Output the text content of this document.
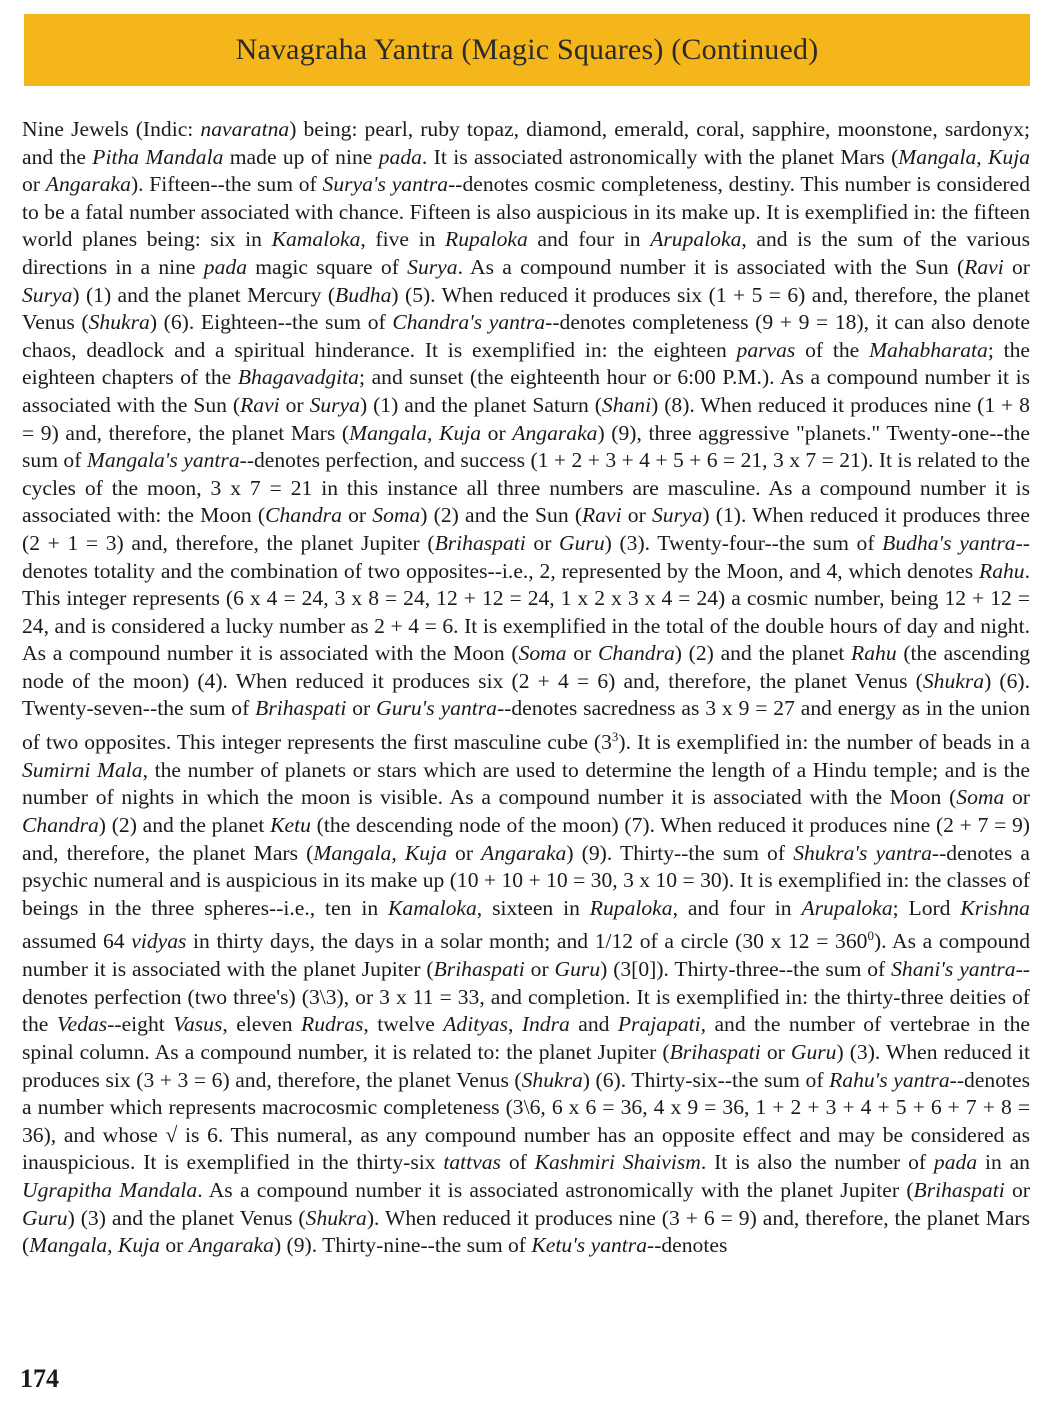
Navagraha Yantra (Magic Squares) (Continued)

Nine Jewels (Indic: navaratna) being: pearl, ruby topaz, diamond, emerald, coral, sapphire, moonstone, sardonyx; and the Pitha Mandala made up of nine pada. It is associated astronomically with the planet Mars (Mangala, Kuja or Angaraka). Fifteen--the sum of Surya's yantra--denotes cosmic completeness, destiny. This number is considered to be a fatal number associated with chance. Fifteen is also auspicious in its make up. It is exemplified in: the fifteen world planes being: six in Kamaloka, five in Rupaloka and four in Arupaloka, and is the sum of the various directions in a nine pada magic square of Surya. As a compound number it is associated with the Sun (Ravi or Surya) (1) and the planet Mercury (Budha) (5). When reduced it produces six (1 + 5 = 6) and, therefore, the planet Venus (Shukra) (6). Eighteen--the sum of Chandra's yantra--denotes completeness (9 + 9 = 18), it can also denote chaos, deadlock and a spiritual hinderance. It is exemplified in: the eighteen parvas of the Mahabharata; the eighteen chapters of the Bhagavadgita; and sunset (the eighteenth hour or 6:00 P.M.). As a compound number it is associated with the Sun (Ravi or Surya) (1) and the planet Saturn (Shani) (8). When reduced it produces nine (1 + 8 = 9) and, therefore, the planet Mars (Mangala, Kuja or Angaraka) (9), three aggressive "planets." Twenty-one--the sum of Mangala's yantra--denotes perfection, and success (1 + 2 + 3 + 4 + 5 + 6 = 21, 3 x 7 = 21). It is related to the cycles of the moon, 3 x 7 = 21 in this instance all three numbers are masculine. As a compound number it is associated with: the Moon (Chandra or Soma) (2) and the Sun (Ravi or Surya) (1). When reduced it produces three (2 + 1 = 3) and, therefore, the planet Jupiter (Brihaspati or Guru) (3). Twenty-four--the sum of Budha's yantra--denotes totality and the combination of two opposites--i.e., 2, represented by the Moon, and 4, which denotes Rahu. This integer represents (6 x 4 = 24, 3 x 8 = 24, 12 + 12 = 24, 1 x 2 x 3 x 4 = 24) a cosmic number, being 12 + 12 = 24, and is considered a lucky number as 2 + 4 = 6. It is exemplified in the total of the double hours of day and night. As a compound number it is associated with the Moon (Soma or Chandra) (2) and the planet Rahu (the ascending node of the moon) (4). When reduced it produces six (2 + 4 = 6) and, therefore, the planet Venus (Shukra) (6). Twenty-seven--the sum of Brihaspati or Guru's yantra--denotes sacredness as 3 x 9 = 27 and energy as in the union of two opposites. This integer represents the first masculine cube $(3^3)$. It is exemplified in: the number of beads in a Sumirni Mala, the number of planets or stars which are used to determine the length of a Hindu temple; and is the number of nights in which the moon is visible. As a compound number it is associated with the Moon (Soma or Chandra) (2) and the planet Ketu (the descending node of the moon) (7). When reduced it produces nine (2 + 7 = 9) and, therefore, the planet Mars (Mangala, Kuja or Angaraka) (9). Thirty--the sum of Shukra's yantra--denotes a psychic numeral and is auspicious in its make up (10 + 10 + 10 = 30, 3 x 10 = 30). It is exemplified in: the classes of beings in the three spheres--i.e., ten in Kamaloka, sixteen in Rupaloka, and four in Arupaloka; Lord Krishna assumed 64 vidyas in thirty days, the days in a solar month; and 1/12 of a circle (30 x $12 = 360^0$). As a compound number it is associated with the planet Jupiter (Brihaspati or Guru) (3[0]). Thirty-three--the sum of Shani's yantra--denotes perfection (two three's) (3\3), or 3 x 11 = 33, and completion. It is exemplified in: the thirty-three deities of the Vedas--eight Vasus, eleven Rudras, twelve Adityas, Indra and Prajapati, and the number of vertebrae in the spinal column. As a compound number, it is related to: the planet Jupiter (Brihaspati or Guru) (3). When reduced it produces six (3 + 3 = 6) and, therefore, the planet Venus (Shukra) (6). Thirty-six--the sum of Rahu's yantra--denotes a number which represents macrocosmic completeness (3\6, 6 x 6 = 36, 4 x 9 = 36, 1 + 2 + 3 + 4 + 5 + 6 + 7 + 8 = 36), and whose √ is 6. This numeral, as any compound number has an opposite effect and may be considered as inauspicious. It is exemplified in the thirty-six tattvas of Kashmiri Shaivism. It is also the number of pada in an Ugrapitha Mandala. As a compound number it is associated astronomically with the planet Jupiter (Brihaspati or Guru) (3) and the planet Venus (Shukra). When reduced it produces nine (3 + 6 = 9) and, therefore, the planet Mars (Mangala, Kuja or Angaraka) (9). Thirty-nine--the sum of Ketu's yantra--denotes

174
